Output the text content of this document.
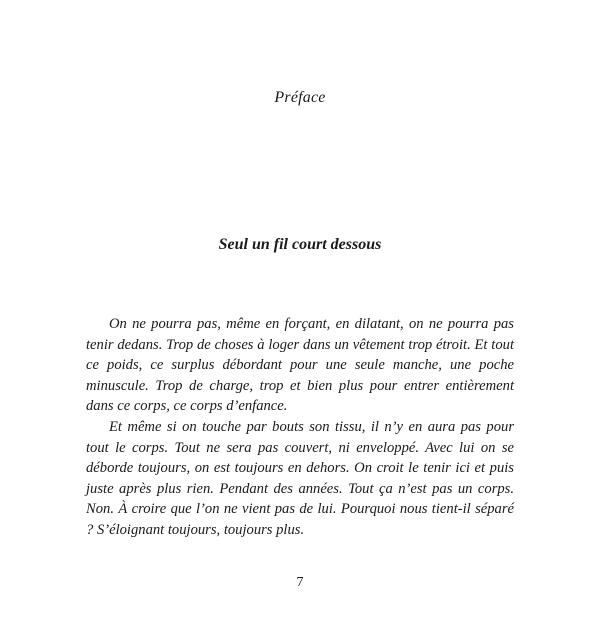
Préface
Seul un fil court dessous

On ne pourra pas, même en forçant, en dilatant, on ne pourra pas tenir dedans. Trop de choses à loger dans un vêtement trop étroit. Et tout ce poids, ce surplus débordant pour une seule manche, une poche minuscule. Trop de charge, trop et bien plus pour entrer entièrement dans ce corps, ce corps d’enfance.

Et même si on touche par bouts son tissu, il n’y en aura pas pour tout le corps. Tout ne sera pas couvert, ni enveloppé. Avec lui on se déborde toujours, on est toujours en dehors. On croit le tenir ici et puis juste après plus rien. Pendant des années. Tout ça n’est pas un corps. Non. À croire que l’on ne vient pas de lui. Pourquoi nous tient-il séparé ? S’éloignant toujours, toujours plus.

7
